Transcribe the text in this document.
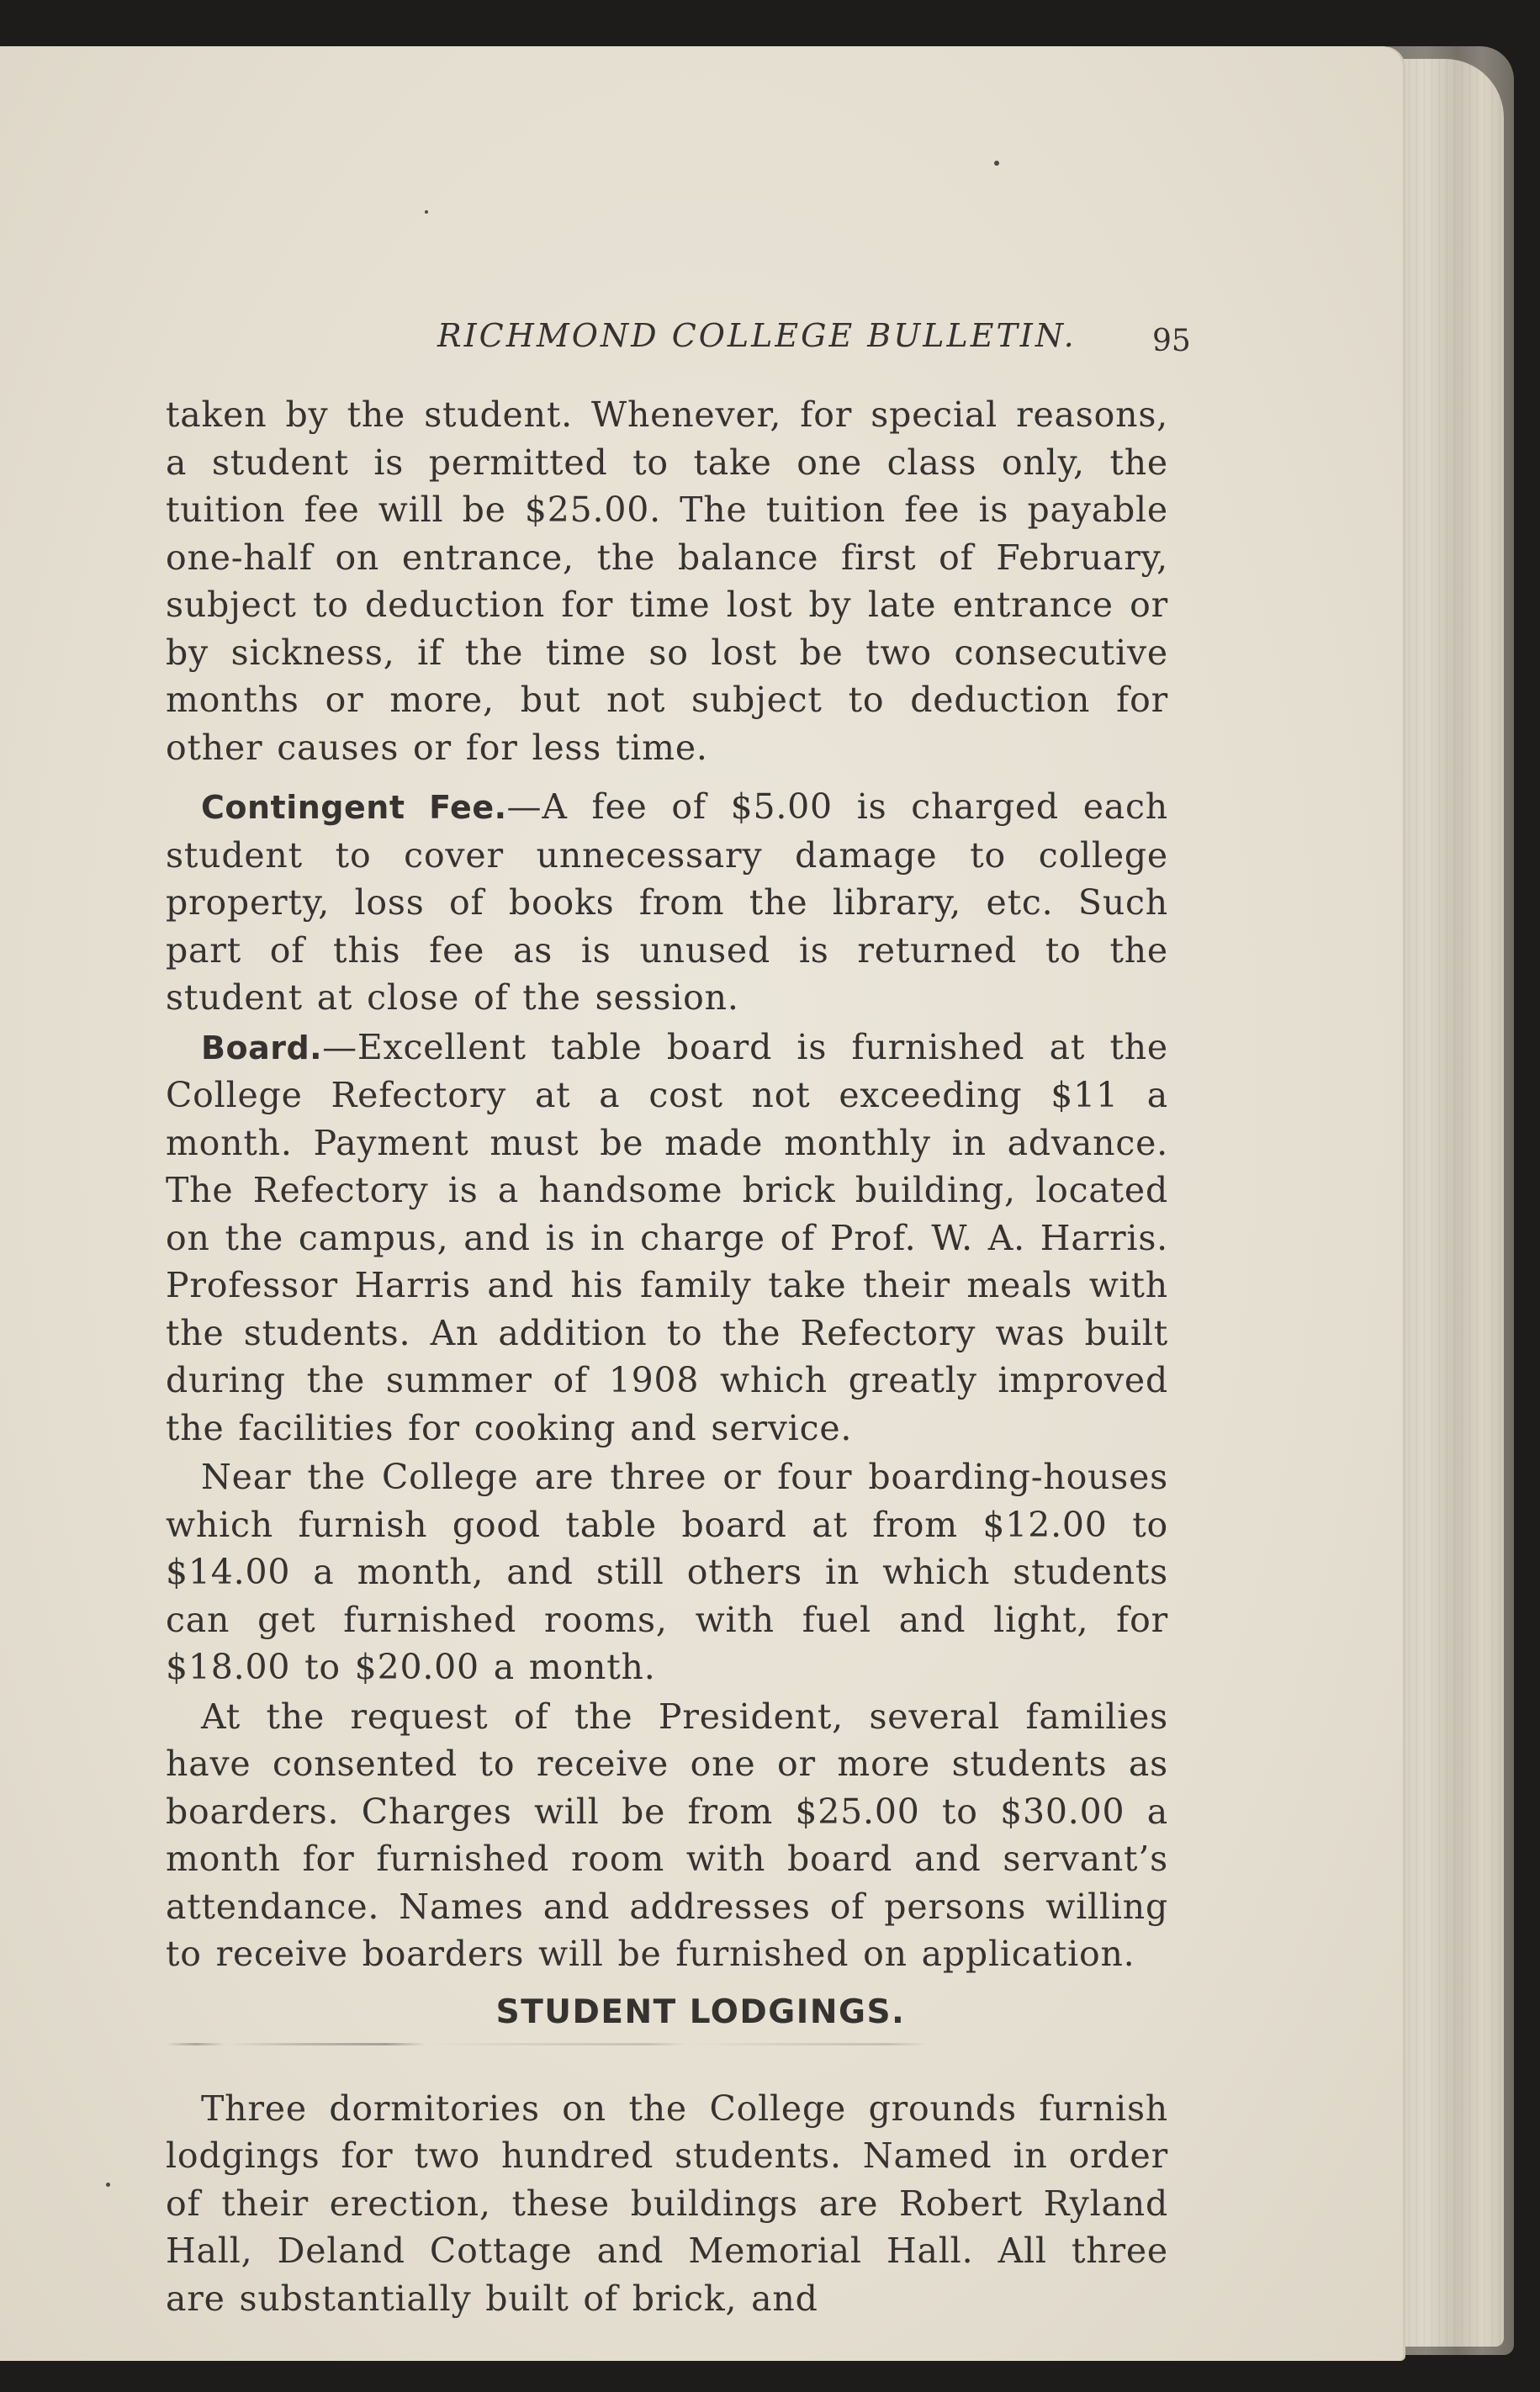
RICHMOND COLLEGE BULLETIN.	95

taken by the student. Whenever, for special reasons, a student is permitted to take one class only, the tuition fee will be $25.00. The tuition fee is payable one-half on entrance, the balance first of February, subject to deduction for time lost by late entrance or by sickness, if the time so lost be two consecutive months or more, but not subject to deduction for other causes or for less time.

Contingent Fee.—A fee of $5.00 is charged each student to cover unnecessary damage to college property, loss of books from the library, etc. Such part of this fee as is unused is returned to the student at close of the session.

Board.—Excellent table board is furnished at the College Refectory at a cost not exceeding $11 a month. Payment must be made monthly in advance. The Refectory is a handsome brick building, located on the campus, and is in charge of Prof. W. A. Harris. Professor Harris and his family take their meals with the students. An addition to the Refectory was built during the summer of 1908 which greatly improved the facilities for cooking and service.

Near the College are three or four boarding-houses which furnish good table board at from $12.00 to $14.00 a month, and still others in which students can get furnished rooms, with fuel and light, for $18.00 to $20.00 a month.

At the request of the President, several families have consented to receive one or more students as boarders. Charges will be from $25.00 to $30.00 a month for furnished room with board and servant’s attendance. Names and addresses of persons willing to receive boarders will be furnished on application.

STUDENT LODGINGS.

Three dormitories on the College grounds furnish lodgings for two hundred students. Named in order of their erection, these buildings are Robert Ryland Hall, Deland Cottage and Memorial Hall. All three are substantially built of brick, and
